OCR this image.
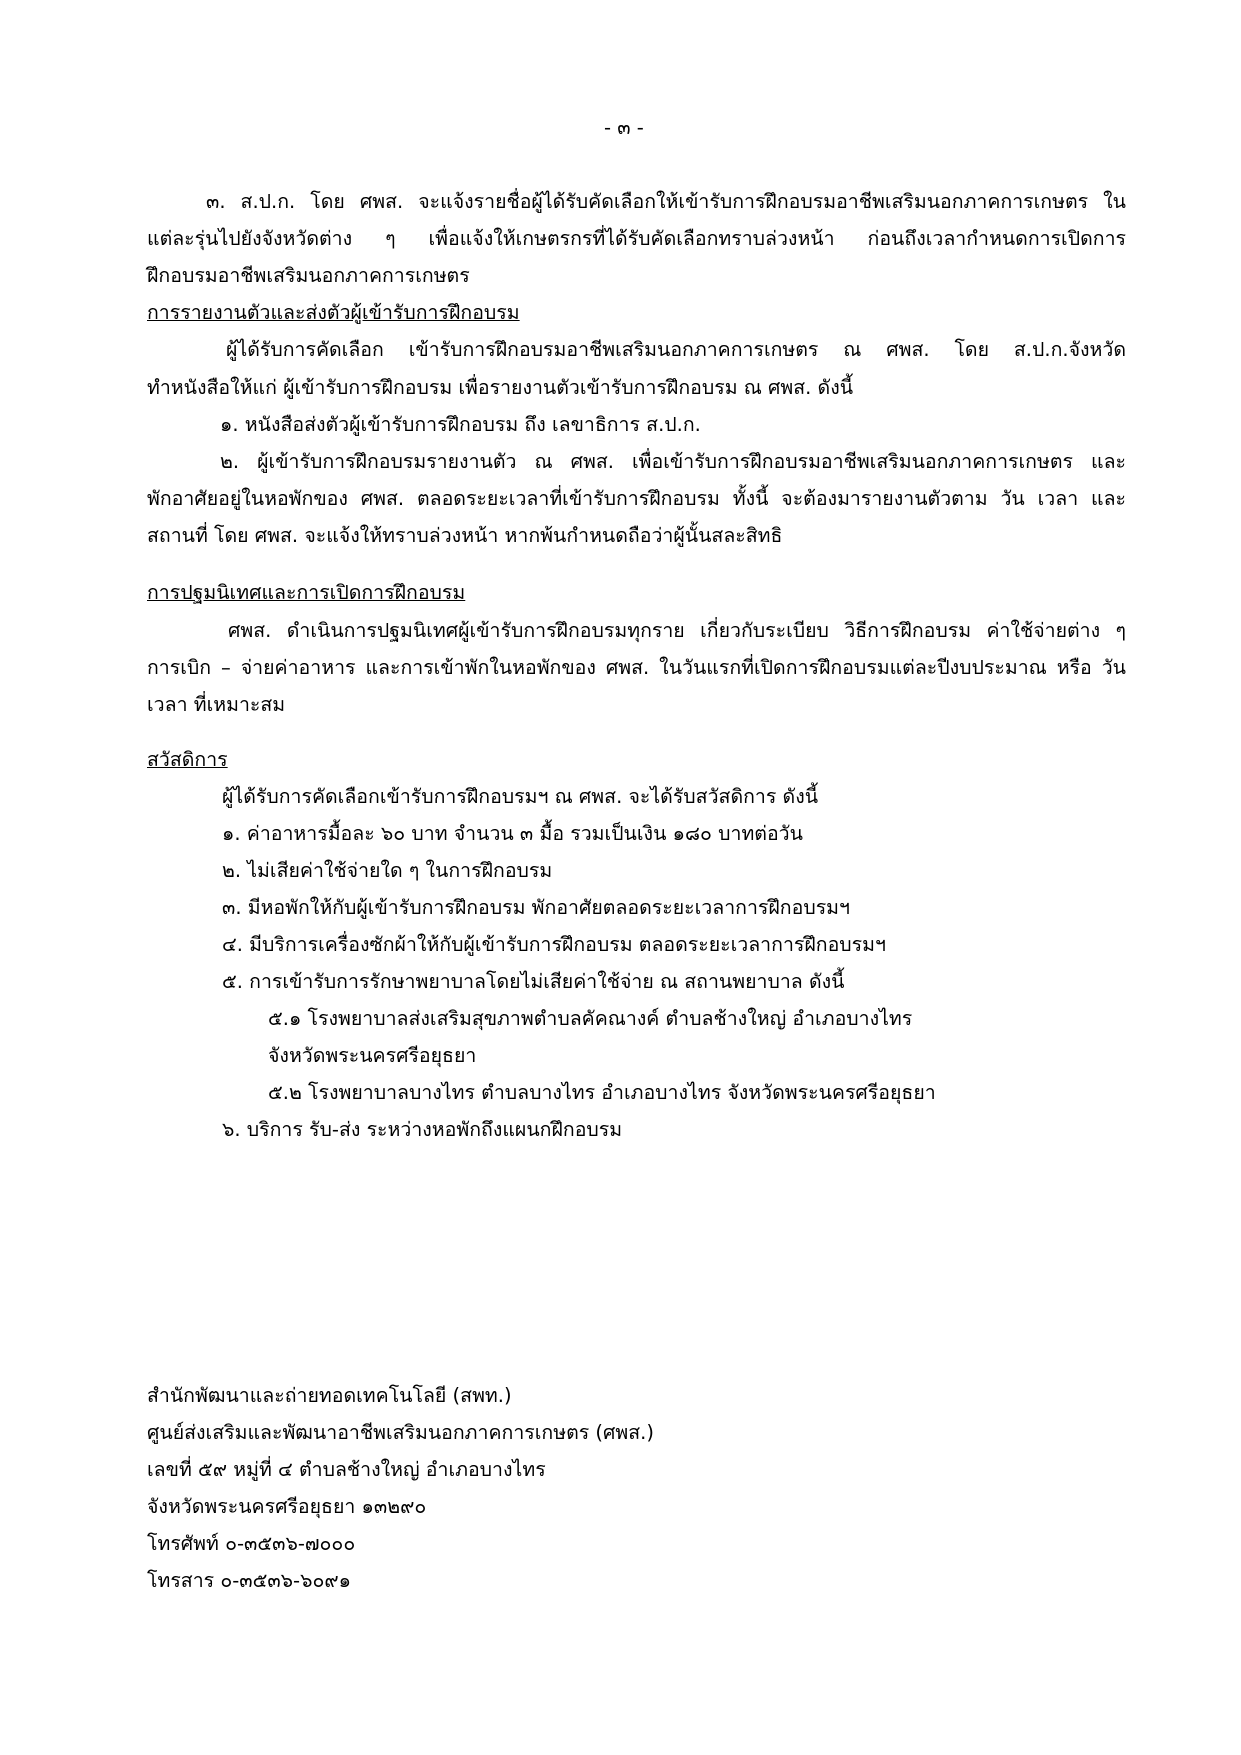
- ๓ -
๓. ส.ป.ก. โดย ศพส. จะแจ้งรายชื่อผู้ได้รับคัดเลือกให้เข้ารับการฝึกอบรมอาชีพเสริมนอกภาคการเกษตร ใน
แต่ละรุ่นไปยังจังหวัดต่าง ๆ เพื่อแจ้งให้เกษตรกรที่ได้รับคัดเลือกทราบล่วงหน้า ก่อนถึงเวลากำหนดการเปิดการ
ฝึกอบรมอาชีพเสริมนอกภาคการเกษตร
การรายงานตัวและส่งตัวผู้เข้ารับการฝึกอบรม
ผู้ได้รับการคัดเลือก เข้ารับการฝึกอบรมอาชีพเสริมนอกภาคการเกษตร ณ ศพส. โดย ส.ป.ก.จังหวัด
ทำหนังสือให้แก่ ผู้เข้ารับการฝึกอบรม เพื่อรายงานตัวเข้ารับการฝึกอบรม ณ ศพส. ดังนี้
๑. หนังสือส่งตัวผู้เข้ารับการฝึกอบรม ถึง เลขาธิการ ส.ป.ก.
๒. ผู้เข้ารับการฝึกอบรมรายงานตัว ณ ศพส. เพื่อเข้ารับการฝึกอบรมอาชีพเสริมนอกภาคการเกษตร และ
พักอาศัยอยู่ในหอพักของ ศพส. ตลอดระยะเวลาที่เข้ารับการฝึกอบรม ทั้งนี้ จะต้องมารายงานตัวตาม วัน เวลา และ
สถานที่ โดย ศพส. จะแจ้งให้ทราบล่วงหน้า หากพ้นกำหนดถือว่าผู้นั้นสละสิทธิ
การปฐมนิเทศและการเปิดการฝึกอบรม
ศพส. ดำเนินการปฐมนิเทศผู้เข้ารับการฝึกอบรมทุกราย เกี่ยวกับระเบียบ วิธีการฝึกอบรม ค่าใช้จ่ายต่าง ๆ
การเบิก – จ่ายค่าอาหาร และการเข้าพักในหอพักของ ศพส. ในวันแรกที่เปิดการฝึกอบรมแต่ละปีงบประมาณ หรือ วัน
เวลา ที่เหมาะสม
สวัสดิการ
ผู้ได้รับการคัดเลือกเข้ารับการฝึกอบรมฯ ณ ศพส. จะได้รับสวัสดิการ ดังนี้
๑. ค่าอาหารมื้อละ ๖๐ บาท จำนวน ๓ มื้อ รวมเป็นเงิน ๑๘๐ บาทต่อวัน
๒. ไม่เสียค่าใช้จ่ายใด ๆ ในการฝึกอบรม
๓. มีหอพักให้กับผู้เข้ารับการฝึกอบรม พักอาศัยตลอดระยะเวลาการฝึกอบรมฯ
๔. มีบริการเครื่องซักผ้าให้กับผู้เข้ารับการฝึกอบรม ตลอดระยะเวลาการฝึกอบรมฯ
๕. การเข้ารับการรักษาพยาบาลโดยไม่เสียค่าใช้จ่าย ณ สถานพยาบาล ดังนี้
๕.๑ โรงพยาบาลส่งเสริมสุขภาพตำบลคัคณางค์ ตำบลช้างใหญ่ อำเภอบางไทร
จังหวัดพระนครศรีอยุธยา
๕.๒ โรงพยาบาลบางไทร ตำบลบางไทร อำเภอบางไทร จังหวัดพระนครศรีอยุธยา
๖. บริการ รับ-ส่ง ระหว่างหอพักถึงแผนกฝึกอบรม
สำนักพัฒนาและถ่ายทอดเทคโนโลยี (สพท.)
ศูนย์ส่งเสริมและพัฒนาอาชีพเสริมนอกภาคการเกษตร (ศพส.)
เลขที่ ๕๙ หมู่ที่ ๔ ตำบลช้างใหญ่ อำเภอบางไทร
จังหวัดพระนครศรีอยุธยา ๑๓๒๙๐
โทรศัพท์ ๐-๓๕๓๖-๗๐๐๐
โทรสาร ๐-๓๕๓๖-๖๐๙๑
